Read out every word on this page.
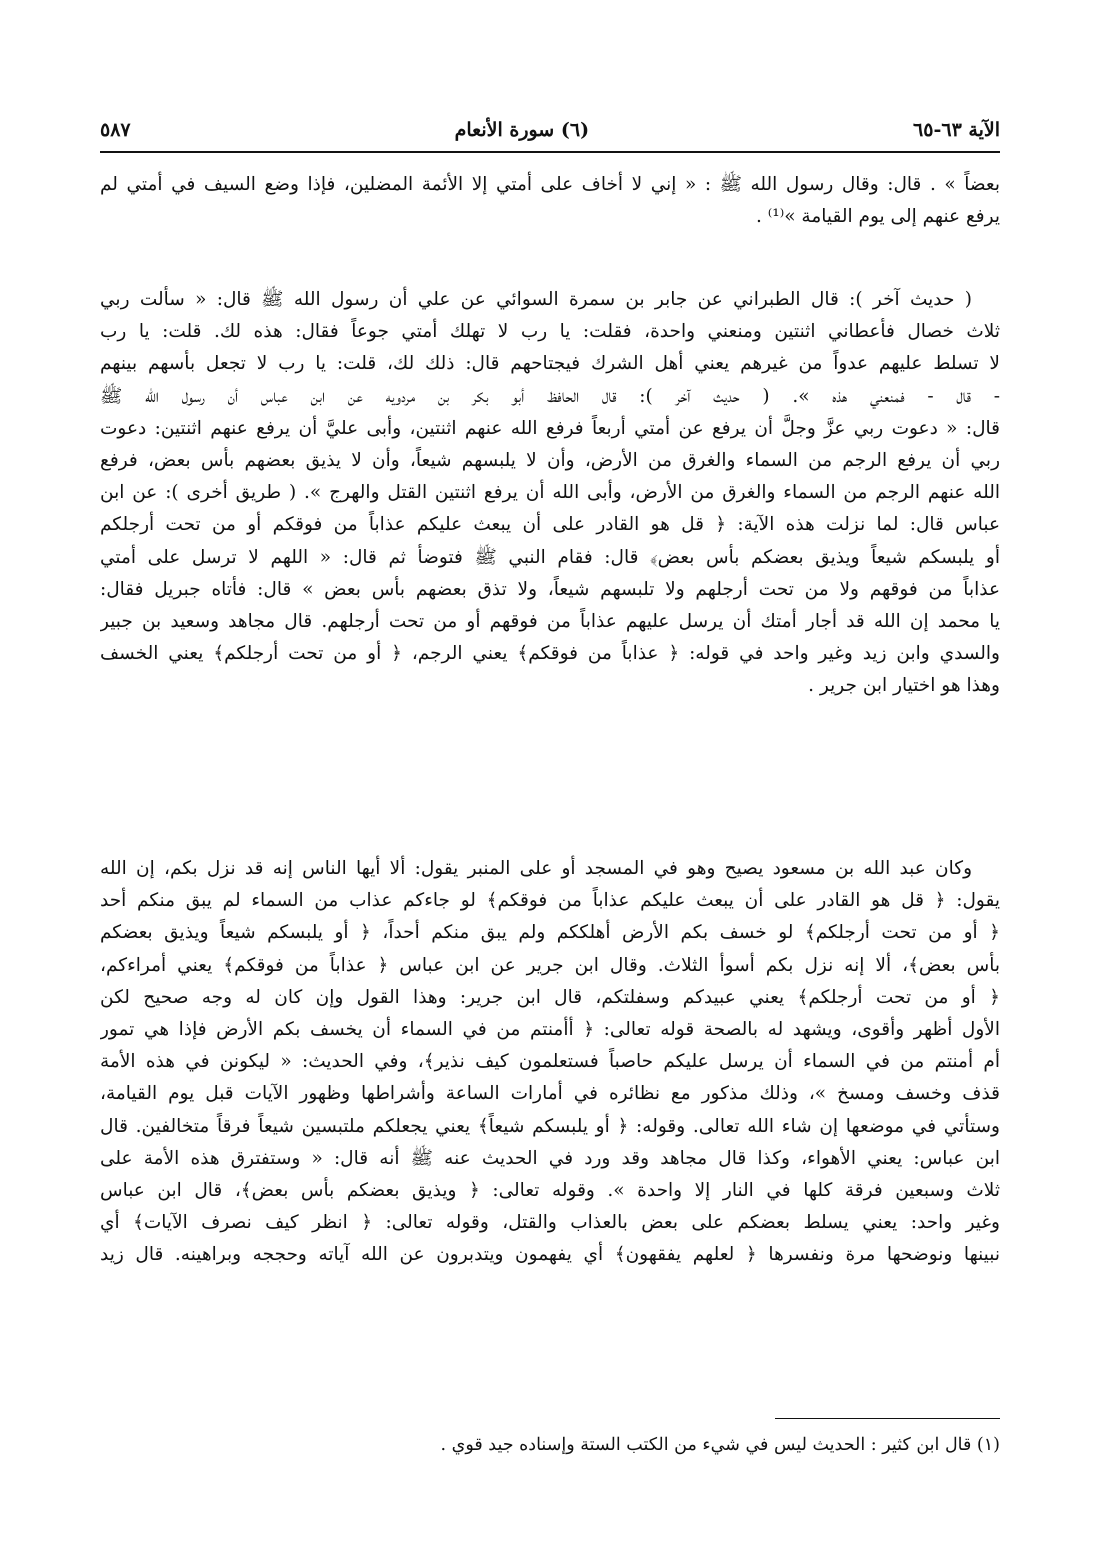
الآية ٦٣-٦٥
(٦) سورة الأنعام
٥٨٧
بعضاً » . قال: وقال رسول الله ﷺ : « إني لا أخاف على أمتي إلا الأئمة المضلين، فإذا وضع السيف في أمتي لم
يرفع عنهم إلى يوم القيامة »⁽¹⁾ .
( حديث آخر ): قال الطبراني عن جابر بن سمرة السوائي عن علي أن رسول الله ﷺ قال: « سألت ربي
ثلاث خصال فأعطاني اثنتين ومنعني واحدة، فقلت: يا رب لا تهلك أمتي جوعاً فقال: هذه لك. قلت: يا رب
لا تسلط عليهم عدواً من غيرهم يعني أهل الشرك فيجتاحهم قال: ذلك لك، قلت: يا رب لا تجعل بأسهم بينهم
- قال - فمنعني هذه ». ( حديث آخر ): قال الحافظ أبو بكر بن مردويه عن ابن عباس أن رسول الله ﷺ
قال: « دعوت ربي عزَّ وجلَّ أن يرفع عن أمتي أربعاً فرفع الله عنهم اثنتين، وأبى عليَّ أن يرفع عنهم اثنتين: دعوت
ربي أن يرفع الرجم من السماء والغرق من الأرض، وأن لا يلبسهم شيعاً، وأن لا يذيق بعضهم بأس بعض، فرفع
الله عنهم الرجم من السماء والغرق من الأرض، وأبى الله أن يرفع اثنتين القتل والهرج ». ( طريق أخرى ): عن ابن
عباس قال: لما نزلت هذه الآية: ﴿ قل هو القادر على أن يبعث عليكم عذاباً من فوقكم أو من تحت أرجلكم
أو يلبسكم شيعاً ويذيق بعضكم بأس بعض﴾ قال: فقام النبي ﷺ فتوضأ ثم قال: « اللهم لا ترسل على أمتي
عذاباً من فوقهم ولا من تحت أرجلهم ولا تلبسهم شيعاً، ولا تذق بعضهم بأس بعض » قال: فأتاه جبريل فقال:
يا محمد إن الله قد أجار أمتك أن يرسل عليهم عذاباً من فوقهم أو من تحت أرجلهم. قال مجاهد وسعيد بن جبير
والسدي وابن زيد وغير واحد في قوله: ﴿ عذاباً من فوقكم﴾ يعني الرجم، ﴿ أو من تحت أرجلكم﴾ يعني الخسف
وهذا هو اختيار ابن جرير .
وكان عبد الله بن مسعود يصيح وهو في المسجد أو على المنبر يقول: ألا أيها الناس إنه قد نزل بكم، إن الله
يقول: ﴿ قل هو القادر على أن يبعث عليكم عذاباً من فوقكم﴾ لو جاءكم عذاب من السماء لم يبق منكم أحد
﴿ أو من تحت أرجلكم﴾ لو خسف بكم الأرض أهلككم ولم يبق منكم أحداً، ﴿ أو يلبسكم شيعاً ويذيق بعضكم
بأس بعض﴾، ألا إنه نزل بكم أسوأ الثلاث. وقال ابن جرير عن ابن عباس ﴿ عذاباً من فوقكم﴾ يعني أمراءكم،
﴿ أو من تحت أرجلكم﴾ يعني عبيدكم وسفلتكم، قال ابن جرير: وهذا القول وإن كان له وجه صحيح لكن
الأول أظهر وأقوى، ويشهد له بالصحة قوله تعالى: ﴿ أأمنتم من في السماء أن يخسف بكم الأرض فإذا هي تمور
أم أمنتم من في السماء أن يرسل عليكم حاصباً فستعلمون كيف نذير﴾، وفي الحديث: « ليكونن في هذه الأمة
قذف وخسف ومسخ »، وذلك مذكور مع نظائره في أمارات الساعة وأشراطها وظهور الآيات قبل يوم القيامة،
وستأتي في موضعها إن شاء الله تعالى. وقوله: ﴿ أو يلبسكم شيعاً﴾ يعني يجعلكم ملتبسين شيعاً فرقاً متخالفين. قال
ابن عباس: يعني الأهواء، وكذا قال مجاهد وقد ورد في الحديث عنه ﷺ أنه قال: « وستفترق هذه الأمة على
ثلاث وسبعين فرقة كلها في النار إلا واحدة ». وقوله تعالى: ﴿ ويذيق بعضكم بأس بعض﴾، قال ابن عباس
وغير واحد: يعني يسلط بعضكم على بعض بالعذاب والقتل، وقوله تعالى: ﴿ انظر كيف نصرف الآيات﴾ أي
نبينها ونوضحها مرة ونفسرها ﴿ لعلهم يفقهون﴾ أي يفهمون ويتدبرون عن الله آياته وحججه وبراهينه. قال زيد
(١) قال ابن كثير : الحديث ليس في شيء من الكتب الستة وإسناده جيد قوي .
